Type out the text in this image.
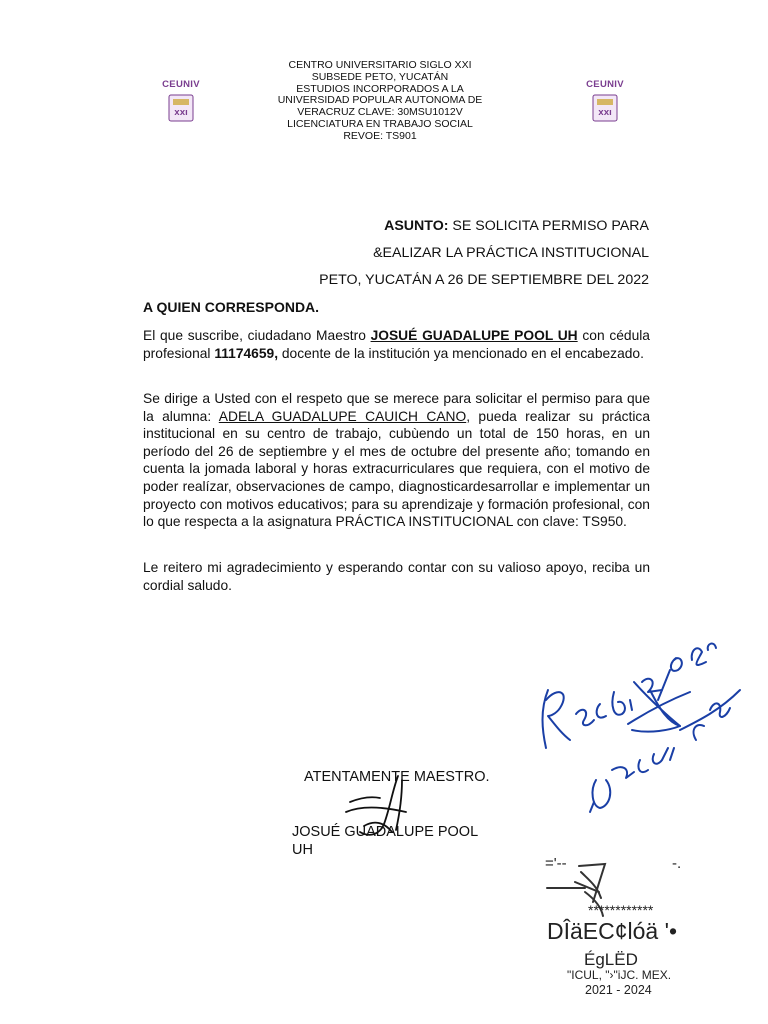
CEUNIV
XXI
CEUNIV
XXI
CENTRO UNIVERSITARIO SIGLO XXI
SUBSEDE PETO, YUCATÁN
ESTUDIOS INCORPORADOS A LA
UNIVERSIDAD POPULAR AUTONOMA DE
VERACRUZ CLAVE: 30MSU1012V
LICENCIATURA EN TRABAJO SOCIAL
REVOE: TS901
ASUNTO: SE SOLICITA PERMISO PARA
&EALIZAR LA PRÁCTICA INSTITUCIONAL
PETO, YUCATÁN A 26 DE SEPTIEMBRE DEL 2022
A QUIEN CORRESPONDA.

El que suscribe, ciudadano Maestro JOSUÉ GUADALUPE POOL UH con cédula profesional 11174659, docente de la institución ya mencionado en el encabezado.

Se dirige a Usted con el respeto que se merece para solicitar el permiso para que la alumna: ADELA GUADALUPE CAUICH CANO, pueda realizar su práctica institucional en su centro de trabajo, cubùendo un total de 150 horas, en un período del 26 de septiembre y el mes de octubre del presente año; tomando en cuenta la jomada laboral y horas extracurriculares que requiera, con el motivo de poder realízar, observaciones de campo, diagnosticardesarrollar e implementar un proyecto con motivos educativos; para su aprendizaje y formación profesional, con lo que respecta a la asignatura PRÁCTICA INSTITUCIONAL con clave: TS950.

Le reitero mi agradecimiento y esperando contar con su valioso apoyo, reciba un cordial saludo.

ATENTAMENTE MAESTRO.
JOSUÉ GUADALUPE POOL
UH
='--	-.
************
DÎäEC¢lóä '•
ÉgLËD
"ICUL, "›"iJC. MEX.
2021 - 2024
